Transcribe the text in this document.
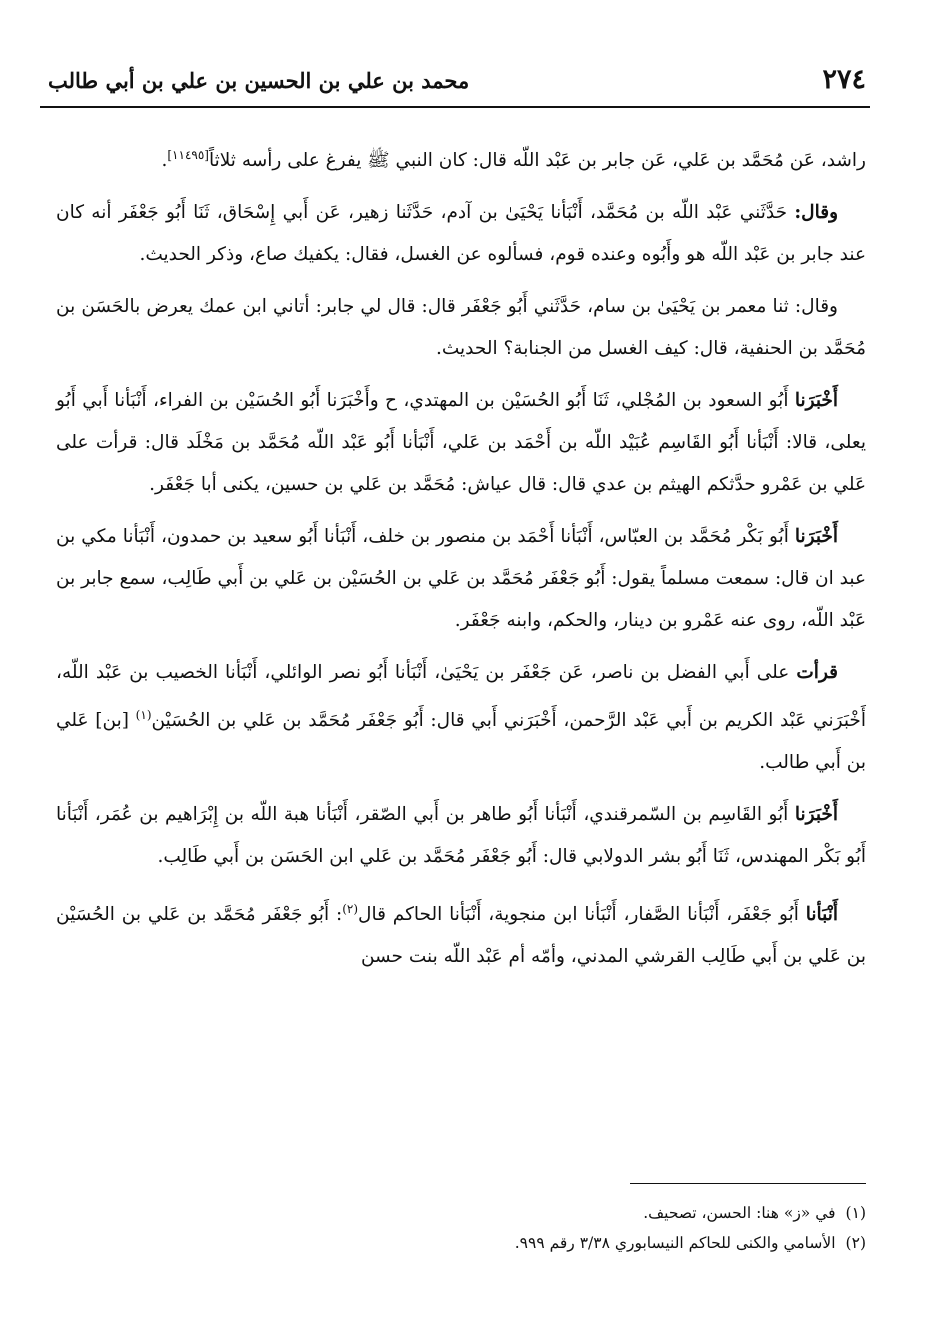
٢٧٤
محمد بن علي بن الحسين بن علي بن أبي طالب

راشد، عَن مُحَمَّد بن عَلي، عَن جابر بن عَبْد اللّه قال: كان النبي ﷺ يفرغ على رأسه ثلاثاً[١١٤٩٥].

وقال: حَدَّثَني عَبْد اللّه بن مُحَمَّد، أَنْبَأنا يَحْيَىٰ بن آدم، حَدَّثَنا زهير، عَن أَبي إِسْحَاق، ثَنَا أَبُو جَعْفَر أنه كان عند جابر بن عَبْد اللّه هو وأَبُوه وعنده قوم، فسألوه عن الغسل، فقال: يكفيك صاع، وذكر الحديث.

وقال: ثنا معمر بن يَحْيَىٰ بن سام، حَدَّثَني أَبُو جَعْفَر قال: قال لي جابر: أتاني ابن عمك يعرض بالحَسَن بن مُحَمَّد بن الحنفية، قال: كيف الغسل من الجنابة؟ الحديث.

أَخْبَرَنا أَبُو السعود بن المُجْلي، ثَنَا أَبُو الحُسَيْن بن المهتدي، ح وأَخْبَرَنا أَبُو الحُسَيْن بن الفراء، أَنْبَأنا أَبي أَبُو يعلى، قالا: أَنْبَأنا أَبُو القَاسِم عُبَيْد اللّه بن أَحْمَد بن عَلي، أَنْبَأنا أَبُو عَبْد اللّه مُحَمَّد بن مَخْلَد قال: قرأت على عَلي بن عَمْرو حدَّثكم الهيثم بن عدي قال: قال عياش: مُحَمَّد بن عَلي بن حسين، يكنى أبا جَعْفَر.

أَخْبَرَنا أَبُو بَكْر مُحَمَّد بن العبّاس، أَنْبَأنا أَحْمَد بن منصور بن خلف، أَنْبَأنا أَبُو سعيد بن حمدون، أَنْبَأنا مكي بن عبد ان قال: سمعت مسلماً يقول: أَبُو جَعْفَر مُحَمَّد بن عَلي بن الحُسَيْن بن عَلي بن أَبي طَالِب، سمع جابر بن عَبْد اللّه، روى عنه عَمْرو بن دينار، والحكم، وابنه جَعْفَر.

قرأت على أَبي الفضل بن ناصر، عَن جَعْفَر بن يَحْيَىٰ، أَنْبَأنا أَبُو نصر الوائلي، أَنْبَأنا الخصيب بن عَبْد اللّه، أَخْبَرَني عَبْد الكريم بن أَبي عَبْد الرَّحمن، أَخْبَرَني أَبي قال: أَبُو جَعْفَر مُحَمَّد بن عَلي بن الحُسَيْن$^{(١)}$ [بن] عَلي بن أَبي طالب.

أَخْبَرَنا أَبُو القَاسِم بن السّمرقندي، أَنْبَأنا أَبُو طاهر بن أَبي الصّقر، أَنْبَأنا هبة اللّه بن إِبْرَاهيم بن عُمَر، أَنْبَأنا أَبُو بَكْر المهندس، ثَنَا أَبُو بشر الدولابي قال: أَبُو جَعْفَر مُحَمَّد بن عَلي ابن الحَسَن بن أَبي طَالِب.

أَنْبَأنا أَبُو جَعْفَر، أَنْبَأنا الصَّفار، أَنْبَأنا ابن منجوية، أَنْبَأنا الحاكم قال$^{(٢)}$: أَبُو جَعْفَر مُحَمَّد بن عَلي بن الحُسَيْن بن عَلي بن أَبي طَالِب القرشي المدني، وأمّه أم عَبْد اللّه بنت حسن

(١)في «ز» هنا: الحسن، تصحيف.

(٢)الأسامي والكنى للحاكم النيسابوري ٣/٣٨ رقم ٩٩٩.
